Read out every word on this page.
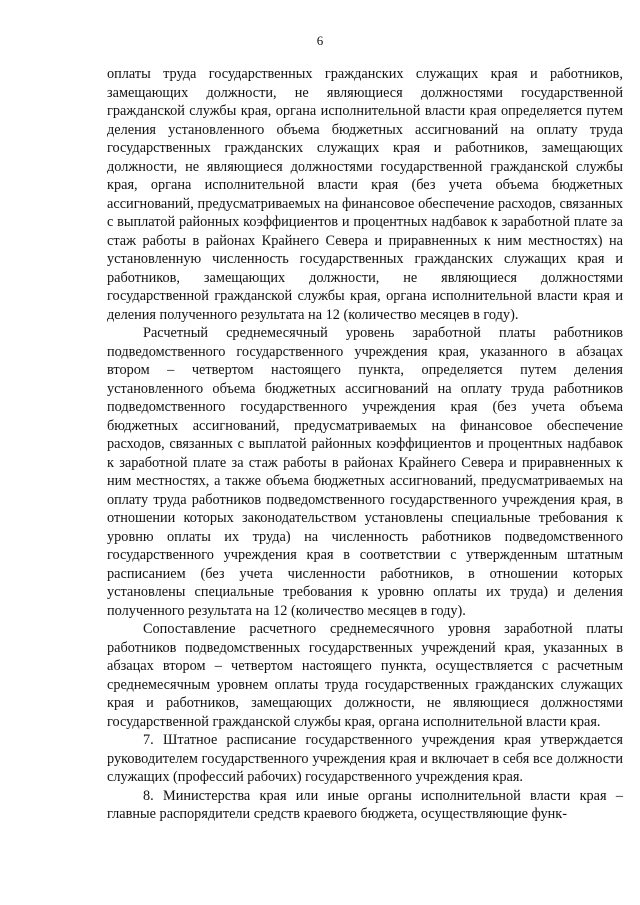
6

оплаты труда государственных гражданских служащих края и работников, замещающих должности, не являющиеся должностями государственной гражданской службы края, органа исполнительной власти края определяется путем деления установленного объема бюджетных ассигнований на оплату труда государственных гражданских служащих края и работников, замещающих должности, не являющиеся должностями государственной гражданской службы края, органа исполнительной власти края (без учета объема бюджетных ассигнований, предусматриваемых на финансовое обеспечение расходов, связанных с выплатой районных коэффициентов и процентных надбавок к заработной плате за стаж работы в районах Крайнего Севера и приравненных к ним местностях) на установленную численность государственных гражданских служащих края и работников, замещающих должности, не являющиеся должностями государственной гражданской службы края, органа исполнительной власти края и деления полученного результата на 12 (количество месяцев в году).

Расчетный среднемесячный уровень заработной платы работников подведомственного государственного учреждения края, указанного в абзацах втором – четвертом настоящего пункта, определяется путем деления установленного объема бюджетных ассигнований на оплату труда работников подведомственного государственного учреждения края (без учета объема бюджетных ассигнований, предусматриваемых на финансовое обеспечение расходов, связанных с выплатой районных коэффициентов и процентных надбавок к заработной плате за стаж работы в районах Крайнего Севера и приравненных к ним местностях, а также объема бюджетных ассигнований, предусматриваемых на оплату труда работников подведомственного государственного учреждения края, в отношении которых законодательством установлены специальные требования к уровню оплаты их труда) на численность работников подведомственного государственного учреждения края в соответствии с утвержденным штатным расписанием (без учета численности работников, в отношении которых установлены специальные требования к уровню оплаты их труда) и деления полученного результата на 12 (количество месяцев в году).

Сопоставление расчетного среднемесячного уровня заработной платы работников подведомственных государственных учреждений края, указанных в абзацах втором – четвертом настоящего пункта, осуществляется с расчетным среднемесячным уровнем оплаты труда государственных гражданских служащих края и работников, замещающих должности, не являющиеся должностями государственной гражданской службы края, органа исполнительной власти края.

7. Штатное расписание государственного учреждения края утверждается руководителем государственного учреждения края и включает в себя все должности служащих (профессий рабочих) государственного учреждения края.

8. Министерства края или иные органы исполнительной власти края – главные распорядители средств краевого бюджета, осуществляющие функ-
